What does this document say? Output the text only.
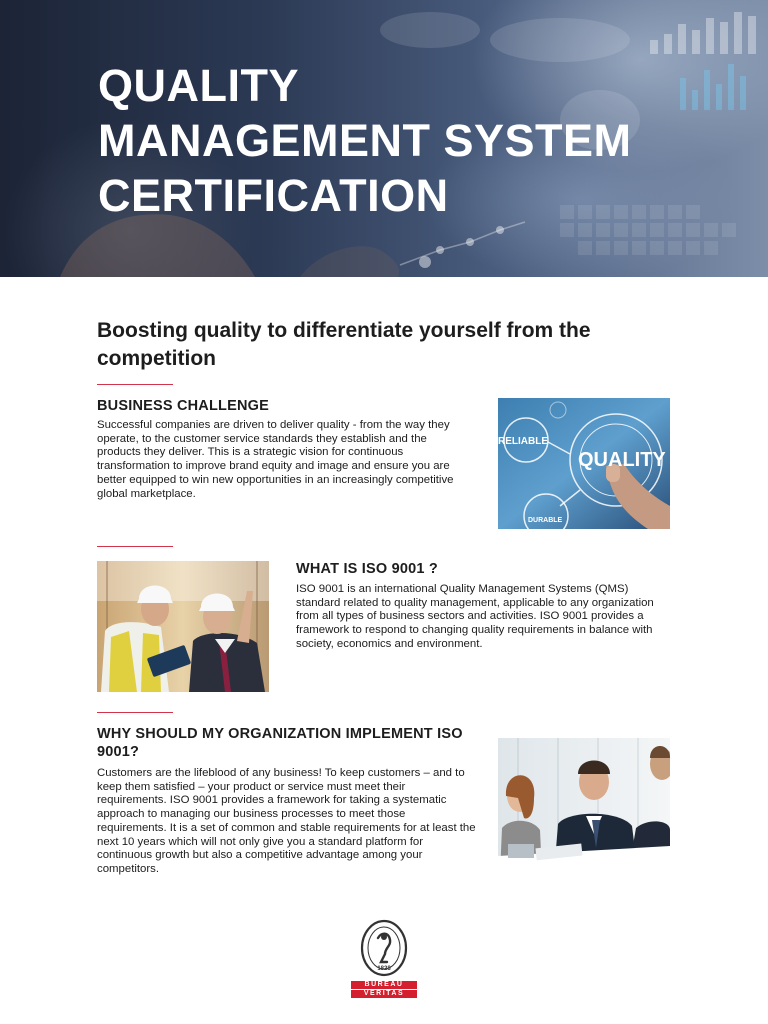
QUALITY
MANAGEMENT SYSTEM
CERTIFICATION
Boosting quality to differentiate yourself from the competition
BUSINESS CHALLENGE
Successful companies are driven to deliver quality - from the way they operate, to the customer service standards they establish and the products they deliver. This is a strategic vision for continuous transformation to improve brand equity and image and ensure you are better equipped to win new opportunities in an increasingly competitive global marketplace.
RELIABLE
QUALITY
DURABLE
WHAT IS ISO 9001 ?
ISO 9001 is an international Quality Management Systems (QMS) standard related to quality management, applicable to any organization from all types of business sectors and activities. ISO 9001 provides a framework to respond to changing quality requirements in balance with society, economics and environment.
WHY SHOULD MY ORGANIZATION IMPLEMENT ISO 9001?
Customers are the lifeblood of any business! To keep customers – and to keep them satisfied – your product or service must meet their requirements. ISO 9001 provides a framework for taking a systematic approach to managing our business processes to meet those requirements. It is a set of common and stable requirements for at least the next 10 years which will not only give you a standard platform for continuous growth but also a competitive advantage among your competitors.
1828
BUREAU
VERITAS
